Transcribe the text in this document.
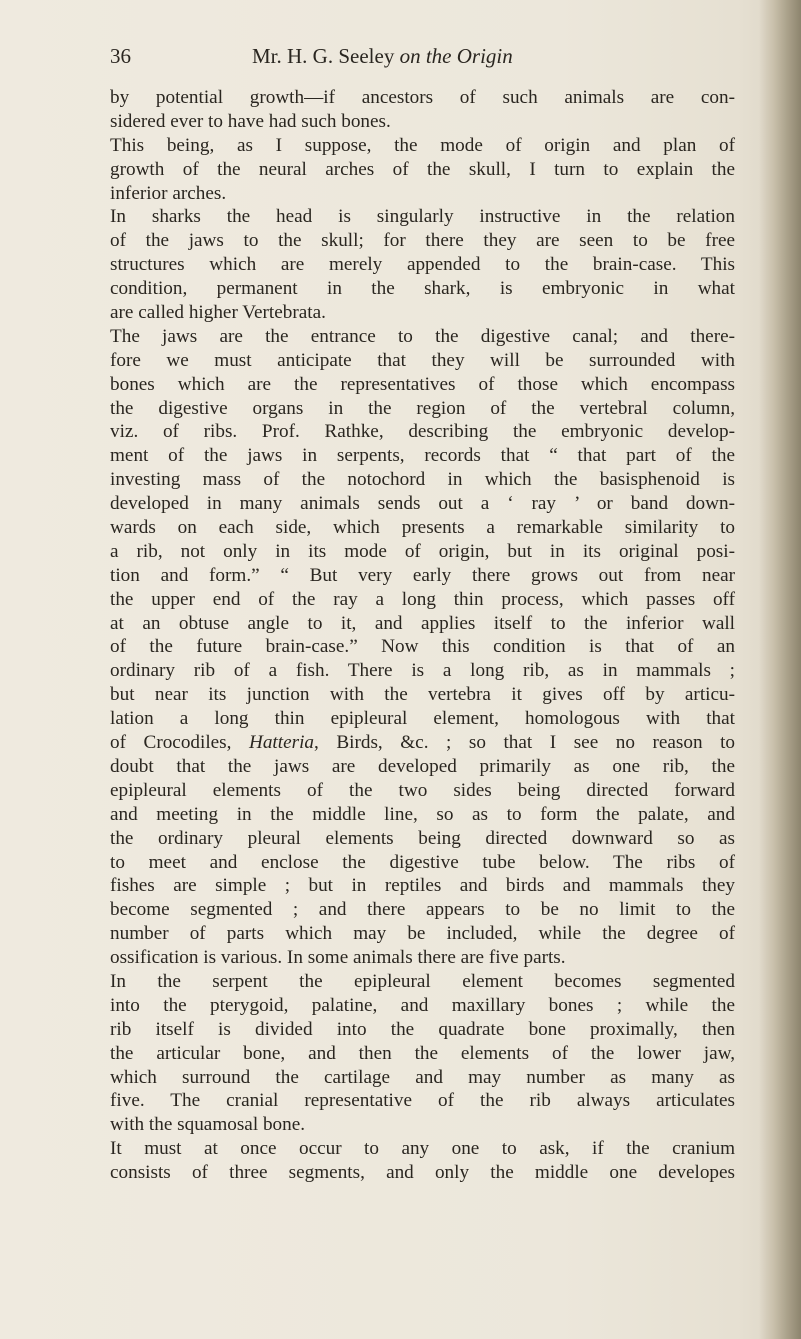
36	Mr. H. G. Seeley on the Origin
by potential growth—if ancestors of such animals are con-
sidered ever to have had such bones.
This being, as I suppose, the mode of origin and plan of
growth of the neural arches of the skull, I turn to explain the
inferior arches.
In sharks the head is singularly instructive in the relation
of the jaws to the skull; for there they are seen to be free
structures which are merely appended to the brain-case. This
condition, permanent in the shark, is embryonic in what
are called higher Vertebrata.
The jaws are the entrance to the digestive canal; and there-
fore we must anticipate that they will be surrounded with
bones which are the representatives of those which encompass
the digestive organs in the region of the vertebral column,
viz. of ribs. Prof. Rathke, describing the embryonic develop-
ment of the jaws in serpents, records that “ that part of the
investing mass of the notochord in which the basisphenoid is
developed in many animals sends out a ‘ ray ’ or band down-
wards on each side, which presents a remarkable similarity to
a rib, not only in its mode of origin, but in its original posi-
tion and form.” “ But very early there grows out from near
the upper end of the ray a long thin process, which passes off
at an obtuse angle to it, and applies itself to the inferior wall
of the future brain-case.” Now this condition is that of an
ordinary rib of a fish. There is a long rib, as in mammals ;
but near its junction with the vertebra it gives off by articu-
lation a long thin epipleural element, homologous with that
of Crocodiles, Hatteria, Birds, &c. ; so that I see no reason to
doubt that the jaws are developed primarily as one rib, the
epipleural elements of the two sides being directed forward
and meeting in the middle line, so as to form the palate, and
the ordinary pleural elements being directed downward so as
to meet and enclose the digestive tube below. The ribs of
fishes are simple ; but in reptiles and birds and mammals they
become segmented ; and there appears to be no limit to the
number of parts which may be included, while the degree of
ossification is various. In some animals there are five parts.
In the serpent the epipleural element becomes segmented
into the pterygoid, palatine, and maxillary bones ; while the
rib itself is divided into the quadrate bone proximally, then
the articular bone, and then the elements of the lower jaw,
which surround the cartilage and may number as many as
five. The cranial representative of the rib always articulates
with the squamosal bone.
It must at once occur to any one to ask, if the cranium
consists of three segments, and only the middle one developes
